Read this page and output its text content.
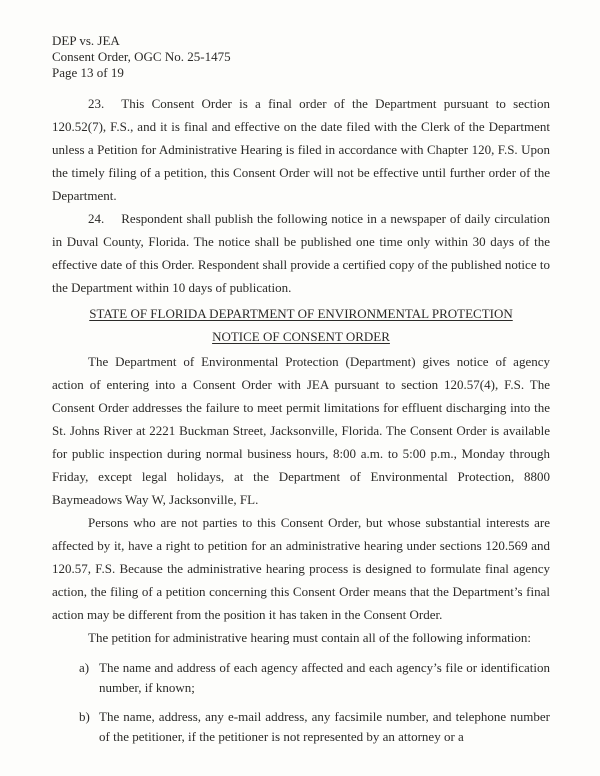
DEP vs. JEA
Consent Order, OGC No. 25-1475
Page 13 of 19

23. This Consent Order is a final order of the Department pursuant to section 120.52(7), F.S., and it is final and effective on the date filed with the Clerk of the Department unless a Petition for Administrative Hearing is filed in accordance with Chapter 120, F.S. Upon the timely filing of a petition, this Consent Order will not be effective until further order of the Department.

24. Respondent shall publish the following notice in a newspaper of daily circulation in Duval County, Florida. The notice shall be published one time only within 30 days of the effective date of this Order. Respondent shall provide a certified copy of the published notice to the Department within 10 days of publication.

STATE OF FLORIDA DEPARTMENT OF ENVIRONMENTAL PROTECTION
NOTICE OF CONSENT ORDER

The Department of Environmental Protection (Department) gives notice of agency action of entering into a Consent Order with JEA pursuant to section 120.57(4), F.S. The Consent Order addresses the failure to meet permit limitations for effluent discharging into the St. Johns River at 2221 Buckman Street, Jacksonville, Florida. The Consent Order is available for public inspection during normal business hours, 8:00 a.m. to 5:00 p.m., Monday through Friday, except legal holidays, at the Department of Environmental Protection, 8800 Baymeadows Way W, Jacksonville, FL.

Persons who are not parties to this Consent Order, but whose substantial interests are affected by it, have a right to petition for an administrative hearing under sections 120.569 and 120.57, F.S. Because the administrative hearing process is designed to formulate final agency action, the filing of a petition concerning this Consent Order means that the Department’s final action may be different from the position it has taken in the Consent Order.

The petition for administrative hearing must contain all of the following information:

a) The name and address of each agency affected and each agency’s file or identification number, if known;
b) The name, address, any e-mail address, any facsimile number, and telephone number of the petitioner, if the petitioner is not represented by an attorney or a
